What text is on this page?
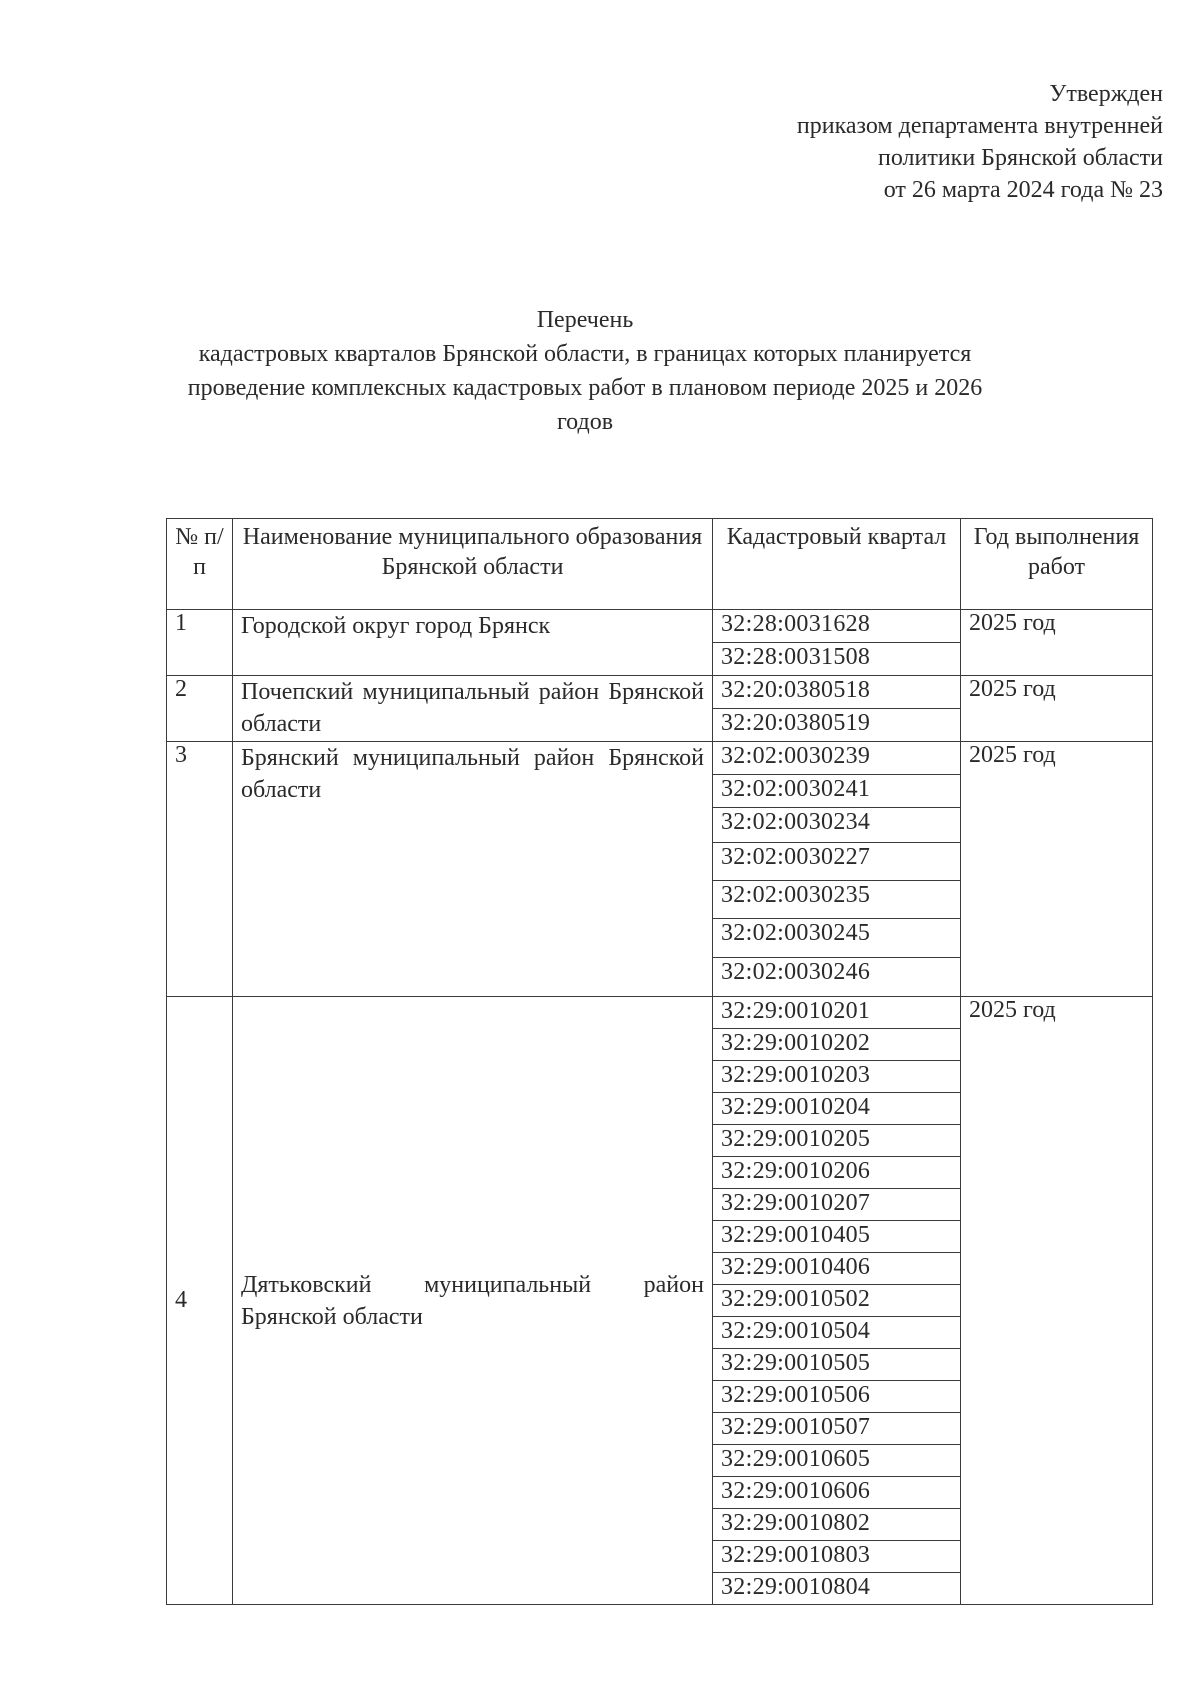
Утвержден
приказом департамента внутренней
политики Брянской области
от 26 марта 2024 года № 23
Перечень
кадастровых кварталов Брянской области, в границах которых планируется
проведение комплексных кадастровых работ в плановом периоде 2025 и 2026
годов
№ п/п	Наименование муниципального образования Брянской области	Кадастровый квартал	Год выполнения работ
1	Городской округ город Брянск	32:28:0031628	2025 год
		32:28:0031508	
2	Почепский муниципальный район Брянской области	32:20:0380518	2025 год
		32:20:0380519	
3	Брянский муниципальный район Брянской области	32:02:0030239	2025 год
		32:02:0030241	
		32:02:0030234	
		32:02:0030227	
		32:02:0030235	
		32:02:0030245	
		32:02:0030246	
4	Дятьковский муниципальный район Брянской области	32:29:0010201	2025 год
		32:29:0010202	
		32:29:0010203	
		32:29:0010204	
		32:29:0010205	
		32:29:0010206	
		32:29:0010207	
		32:29:0010405	
		32:29:0010406	
		32:29:0010502	
		32:29:0010504	
		32:29:0010505	
		32:29:0010506	
		32:29:0010507	
		32:29:0010605	
		32:29:0010606	
		32:29:0010802	
		32:29:0010803	
		32:29:0010804	
